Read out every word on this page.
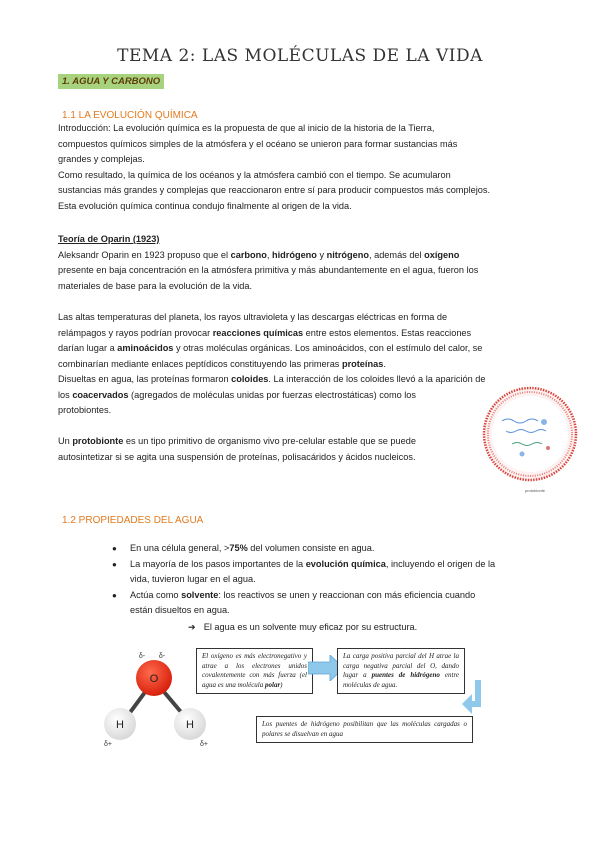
TEMA 2: LAS MOLÉCULAS DE LA VIDA
1. AGUA Y CARBONO
1.1 LA EVOLUCIÓN QUÍMICA
Introducción: La evolución química es la propuesta de que al inicio de la historia de la Tierra,
compuestos químicos simples de la atmósfera y el océano se unieron para formar sustancias más
grandes y complejas.
Como resultado, la química de los océanos y la atmósfera cambió con el tiempo. Se acumularon
sustancias más grandes y complejas que reaccionaron entre sí para producir compuestos más complejos.
Esta evolución química continua condujo finalmente al origen de la vida.
Teoría de Oparin (1923)
Aleksandr Oparin en 1923 propuso que el carbono, hidrógeno y nitrógeno, además del oxígeno
presente en baja concentración en la atmósfera primitiva y más abundantemente en el agua, fueron los
materiales de base para la evolución de la vida.
Las altas temperaturas del planeta, los rayos ultravioleta y las descargas eléctricas en forma de
relámpagos y rayos podrían provocar reacciones químicas entre estos elementos. Estas reacciones
darían lugar a aminoácidos y otras moléculas orgánicas. Los aminoácidos, con el estímulo del calor, se
combinarían mediante enlaces peptídicos constituyendo las primeras proteínas.
Disueltas en agua, las proteínas formaron coloides. La interacción de los coloides llevó a la aparición de
los coacervados (agregados de moléculas unidas por fuerzas electrostáticas) como los
protobiontes.
Un protobionte es un tipo primitivo de organismo vivo pre-celular estable que se puede
autosintetizar si se agita una suspensión de proteínas, polisacáridos y ácidos nucleicos.
protobionte
1.2 PROPIEDADES DEL AGUA
● En una célula general, >75% del volumen consiste en agua.
● La mayoría de los pasos importantes de la evolución química, incluyendo el origen de la
vida, tuvieron lugar en el agua.
● Actúa como solvente: los reactivos se unen y reaccionan con más eficiencia cuando
están disueltos en agua.
➔ El agua es un solvente muy eficaz por su estructura.
O
H	H
δ- δ-
δ+	δ+
El oxígeno es más electronegativo y atrae a los electrones unidos covalentemente con más fuerza (el agua es una molécula polar)
La carga positiva parcial del H atrae la carga negativa parcial del O, dando lugar a puentes de hidrógeno entre moléculas de agua.
Los puentes de hidrógeno posibilitan que las moléculas cargadas o polares se disuelvan en agua
